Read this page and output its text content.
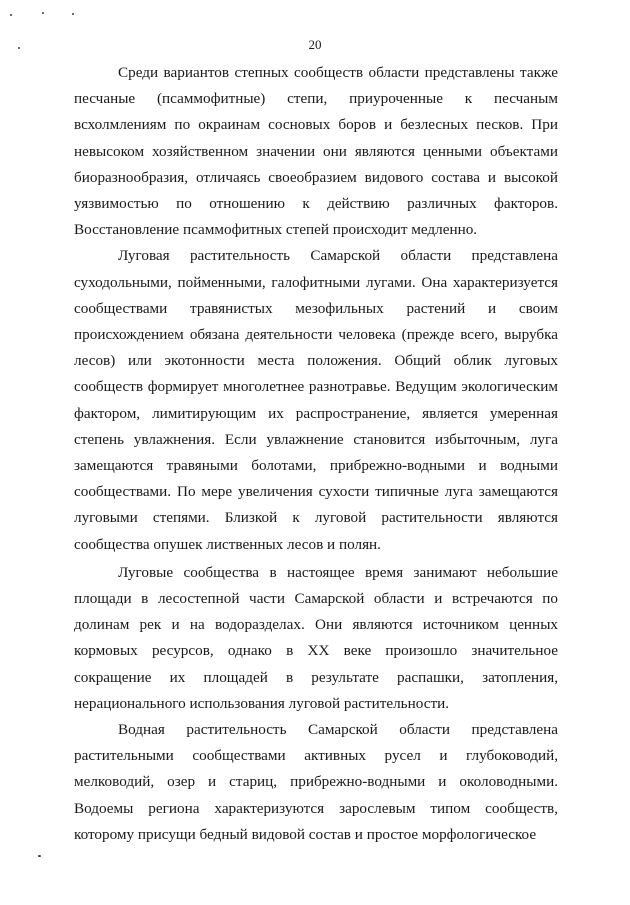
20

Среди вариантов степных сообществ области представлены также песчаные (псаммофитные) степи, приуроченные к песчаным всхолмлениям по окраинам сосновых боров и безлесных песков. При невысоком хозяйственном значении они являются ценными объектами биоразнообразия, отличаясь своеобразием видового состава и высокой уязвимостью по отношению к действию различных факторов. Восстановление псаммофитных степей происходит медленно.

Луговая растительность Самарской области представлена суходольными, пойменными, галофитными лугами. Она характеризуется сообществами травянистых мезофильных растений и своим происхождением обязана деятельности человека (прежде всего, вырубка лесов) или экотонности места положения. Общий облик луговых сообществ формирует многолетнее разнотравье. Ведущим экологическим фактором, лимитирующим их распространение, является умеренная степень увлажнения. Если увлажнение становится избыточным, луга замещаются травяными болотами, прибрежно-водными и водными сообществами. По мере увеличения сухости типичные луга замещаются луговыми степями. Близкой к луговой растительности являются сообщества опушек лиственных лесов и полян.

Луговые сообщества в настоящее время занимают небольшие площади в лесостепной части Самарской области и встречаются по долинам рек и на водоразделах. Они являются источником ценных кормовых ресурсов, однако в XX веке произошло значительное сокращение их площадей в результате распашки, затопления, нерационального использования луговой растительности.

Водная растительность Самарской области представлена растительными сообществами активных русел и глубоководий, мелководий, озер и стариц, прибрежно-водными и околоводными. Водоемы региона характеризуются зарослевым типом сообществ, которому присущи бедный видовой состав и простое морфологическое
